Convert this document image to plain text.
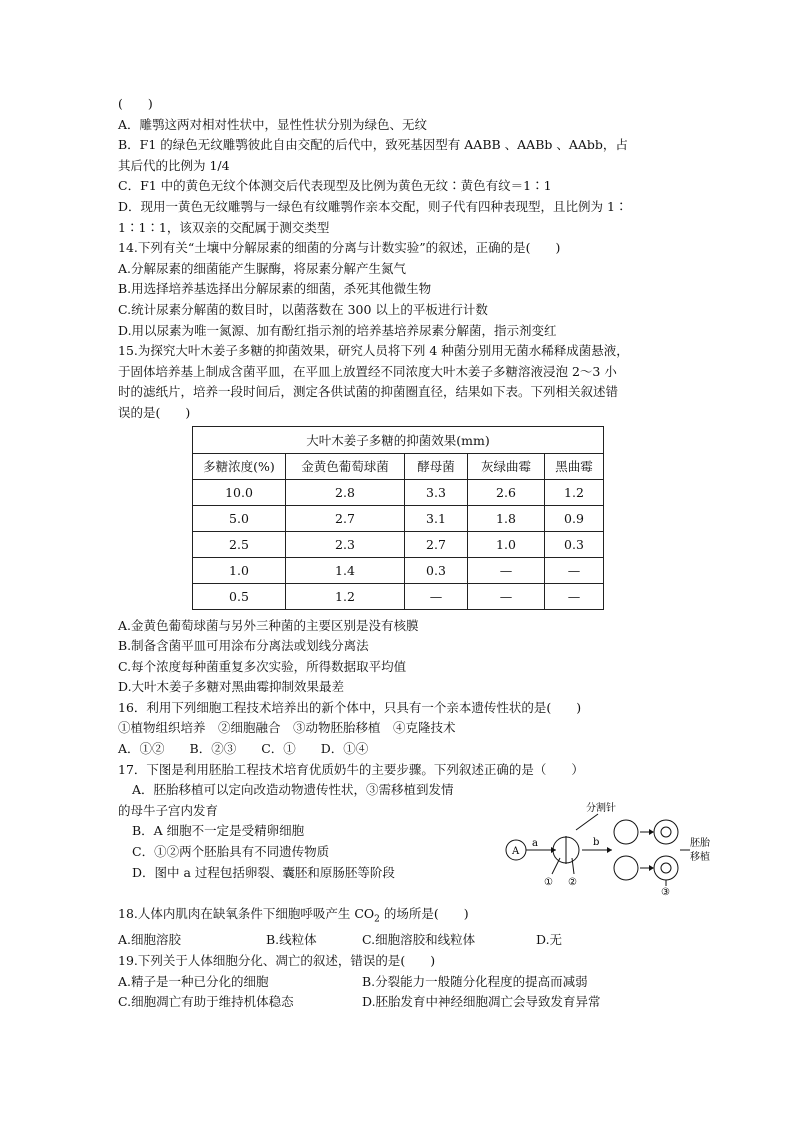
(　　)
A．雕鹗这两对相对性状中，显性性状分别为绿色、无纹
B．F1 的绿色无纹雕鹗彼此自由交配的后代中，致死基因型有 AABB 、AABb 、AAbb，占
其后代的比例为 1/4
C．F1 中的黄色无纹个体测交后代表现型及比例为黄色无纹∶黄色有纹＝1∶1
D．现用一黄色无纹雕鹗与一绿色有纹雕鹗作亲本交配，则子代有四种表现型，且比例为 1∶
1∶1∶1，该双亲的交配属于测交类型
14.下列有关“土壤中分解尿素的细菌的分离与计数实验”的叙述，正确的是(　　)
A.分解尿素的细菌能产生脲酶，将尿素分解产生氮气
B.用选择培养基选择出分解尿素的细菌，杀死其他微生物
C.统计尿素分解菌的数目时，以菌落数在 300 以上的平板进行计数
D.用以尿素为唯一氮源、加有酚红指示剂的培养基培养尿素分解菌，指示剂变红
15.为探究大叶木姜子多糖的抑菌效果，研究人员将下列 4 种菌分别用无菌水稀释成菌悬液，
于固体培养基上制成含菌平皿，在平皿上放置经不同浓度大叶木姜子多糖溶液浸泡 2～3 小
时的滤纸片，培养一段时间后，测定各供试菌的抑菌圈直径，结果如下表。下列相关叙述错
误的是(　　)
大叶木姜子多糖的抑菌效果(mm)				
多糖浓度(%)	金黄色葡萄球菌	酵母菌	灰绿曲霉	黑曲霉
10.0	2.8	3.3	2.6	1.2
5.0	2.7	3.1	1.8	0.9
2.5	2.3	2.7	1.0	0.3
1.0	1.4	0.3	—	—
0.5	1.2	—	—	—
A.金黄色葡萄球菌与另外三种菌的主要区别是没有核膜
B.制备含菌平皿可用涂布分离法或划线分离法
C.每个浓度每种菌重复多次实验，所得数据取平均值
D.大叶木姜子多糖对黑曲霉抑制效果最差
16．利用下列细胞工程技术培养出的新个体中，只具有一个亲本遗传性状的是(　　)
①植物组织培养　②细胞融合　③动物胚胎移植　④克隆技术
A．①②　　B．②③　　C．①　　D．①④
17．下图是利用胚胎工程技术培育优质奶牛的主要步骤。下列叙述正确的是（　　）
A．胚胎移植可以定向改造动物遗传性状，③需移植到发情
的母牛子宫内发育
B．A 细胞不一定是受精卵细胞
C．①②两个胚胎具有不同遗传物质
D．图中 a 过程包括卵裂、囊胚和原肠胚等阶段
分割针
A
a
① ②
b
③
胚胎
移植
18.人体内肌肉在缺氧条件下细胞呼吸产生 $CO_2$ 的场所是(　　)
A.细胞溶胶	B.线粒体	C.细胞溶胶和线粒体	D.无
19.下列关于人体细胞分化、凋亡的叙述，错误的是(　　)
A.精子是一种已分化的细胞	B.分裂能力一般随分化程度的提高而减弱
C.细胞凋亡有助于维持机体稳态	D.胚胎发育中神经细胞凋亡会导致发育异常
